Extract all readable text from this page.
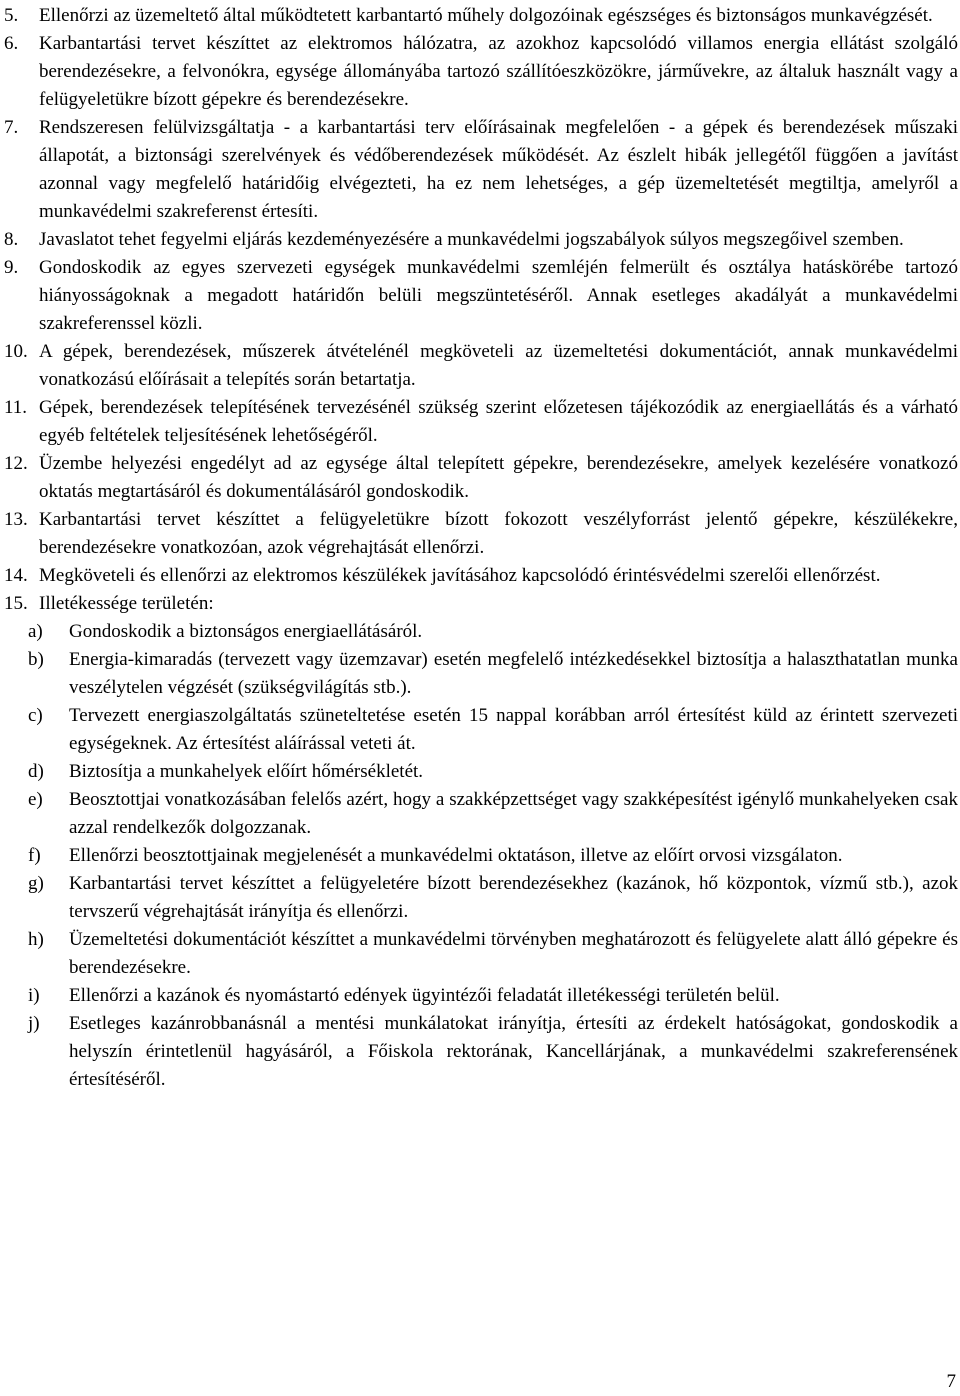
5.	Ellenőrzi az üzemeltető által működtetett karbantartó műhely dolgozóinak egészséges és biztonságos munkavégzését.
6.	Karbantartási tervet készíttet az elektromos hálózatra, az azokhoz kapcsolódó villamos energia ellátást szolgáló berendezésekre, a felvonókra, egysége állományába tartozó szállítóeszközökre, járművekre, az általuk használt vagy a felügyeletükre bízott gépekre és berendezésekre.
7.	Rendszeresen felülvizsgáltatja - a karbantartási terv előírásainak megfelelően - a gépek és berendezések műszaki állapotát, a biztonsági szerelvények és védőberendezések működését. Az észlelt hibák jellegétől függően a javítást azonnal vagy megfelelő határidőig elvégezteti, ha ez nem lehetséges, a gép üzemeltetését megtiltja, amelyről a munkavédelmi szakreferenst értesíti.
8.	Javaslatot tehet fegyelmi eljárás kezdeményezésére a munkavédelmi jogszabályok súlyos megszegőivel szemben.
9.	Gondoskodik az egyes szervezeti egységek munkavédelmi szemléjén felmerült és osztálya hatáskörébe tartozó hiányosságoknak a megadott határidőn belüli megszüntetéséről. Annak esetleges akadályát a munkavédelmi szakreferenssel közli.
10. A gépek, berendezések, műszerek átvételénél megköveteli az üzemeltetési dokumentációt, annak munkavédelmi vonatkozású előírásait a telepítés során betartatja.
11. Gépek, berendezések telepítésének tervezésénél szükség szerint előzetesen tájékozódik az energiaellátás és a várható egyéb feltételek teljesítésének lehetőségéről.
12. Üzembe helyezési engedélyt ad az egysége által telepített gépekre, berendezésekre, amelyek kezelésére vonatkozó oktatás megtartásáról és dokumentálásáról gondoskodik.
13. Karbantartási tervet készíttet a felügyeletükre bízott fokozott veszélyforrást jelentő gépekre, készülékekre, berendezésekre vonatkozóan, azok végrehajtását ellenőrzi.
14. Megköveteli és ellenőrzi az elektromos készülékek javításához kapcsolódó érintésvédelmi szerelői ellenőrzést.
15. Illetékessége területén:
a)	Gondoskodik a biztonságos energiaellátásáról.
b)	Energia-kimaradás (tervezett vagy üzemzavar) esetén megfelelő intézkedésekkel biztosítja a halaszthatatlan munka veszélytelen végzését (szükségvilágítás stb.).
c)	Tervezett energiaszolgáltatás szüneteltetése esetén 15 nappal korábban arról értesítést küld az érintett szervezeti egységeknek. Az értesítést aláírással veteti át.
d)	Biztosítja a munkahelyek előírt hőmérsékletét.
e)	Beosztottjai vonatkozásában felelős azért, hogy a szakképzettséget vagy szakképesítést igénylő munkahelyeken csak azzal rendelkezők dolgozzanak.
f)	Ellenőrzi beosztottjainak megjelenését a munkavédelmi oktatáson, illetve az előírt orvosi vizsgálaton.
g)	Karbantartási tervet készíttet a felügyeletére bízott berendezésekhez (kazánok, hő központok, vízmű stb.), azok tervszerű végrehajtását irányítja és ellenőrzi.
h)	Üzemeltetési dokumentációt készíttet a munkavédelmi törvényben meghatározott és felügyelete alatt álló gépekre és berendezésekre.
i)	Ellenőrzi a kazánok és nyomástartó edények ügyintézői feladatát illetékességi területén belül.
j)	Esetleges kazánrobbanásnál a mentési munkálatokat irányítja, értesíti az érdekelt hatóságokat, gondoskodik a helyszín érintetlenül hagyásáról, a Főiskola rektorának, Kancellárjának, a munkavédelmi szakreferensének értesítéséről.
7
